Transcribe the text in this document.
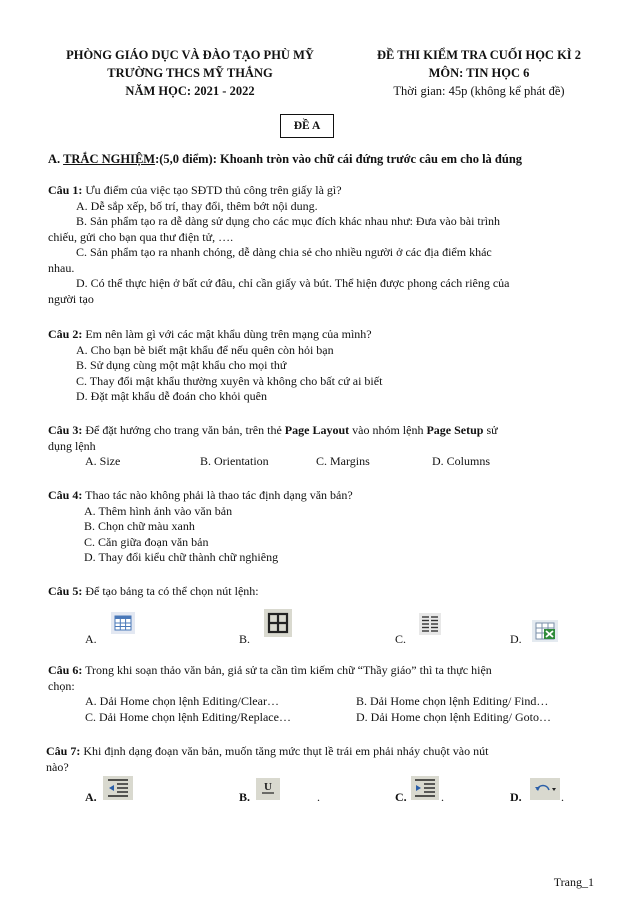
PHÒNG GIÁO DỤC VÀ ĐÀO TẠO PHÙ MỸ
TRƯỜNG THCS MỸ THẮNG
NĂM HỌC: 2021 - 2022
ĐỀ THI KIỂM TRA CUỐI HỌC KÌ 2
MÔN: TIN HỌC 6
Thời gian: 45p (không kể phát đề)
ĐỀ A
A. TRẮC NGHIỆM:(5,0 điểm): Khoanh tròn vào chữ cái đứng trước câu em cho là đúng
Câu 1: Ưu điểm của việc tạo SĐTD thủ công trên giấy là gì?
A. Dễ sắp xếp, bố trí, thay đổi, thêm bớt nội dung.
B. Sản phẩm tạo ra dễ dàng sử dụng cho các mục đích khác nhau như: Đưa vào bài trình
chiếu, gửi cho bạn qua thư điện tử, ….
C. Sản phẩm tạo ra nhanh chóng, dễ dàng chia sẻ cho nhiều người ở các địa điểm khác
nhau.
D. Có thể thực hiện ở bất cứ đâu, chỉ cần giấy và bút. Thể hiện được phong cách riêng của
người tạo
Câu 2: Em nên làm gì với các mật khẩu dùng trên mạng của mình?
A. Cho bạn bè biết mật khẩu để nếu quên còn hỏi bạn
B. Sử dụng cùng một mật khẩu cho mọi thứ
C. Thay đổi mật khẩu thường xuyên và không cho bất cứ ai biết
D. Đặt mật khẩu dễ đoán cho khỏi quên
Câu 3: Để đặt hướng cho trang văn bản, trên thẻ Page Layout vào nhóm lệnh Page Setup sử
dụng lệnh
A. Size	B. Orientation	C. Margins	D. Columns
Câu 4: Thao tác nào không phải là thao tác định dạng văn bản?
A. Thêm hình ảnh vào văn bản
B. Chọn chữ màu xanh
C. Căn giữa đoạn văn bản
D. Thay đổi kiểu chữ thành chữ nghiêng
Câu 5: Để tạo bảng ta có thể chọn nút lệnh:
A.	B.	C.	D.
Câu 6: Trong khi soạn thảo văn bản, giả sử ta cần tìm kiếm chữ “Thầy giáo” thì ta thực hiện
chọn:
A. Dải Home chọn lệnh Editing/Clear…	B. Dải Home chọn lệnh Editing/ Find…
C. Dải Home chọn lệnh Editing/Replace…	D. Dải Home chọn lệnh Editing/ Goto…
Câu 7: Khi định dạng đoạn văn bản, muốn tăng mức thụt lề trái em phải nháy chuột vào nút
nào?
A.	B.	.	C.	.	D.	.
U
Trang_1
